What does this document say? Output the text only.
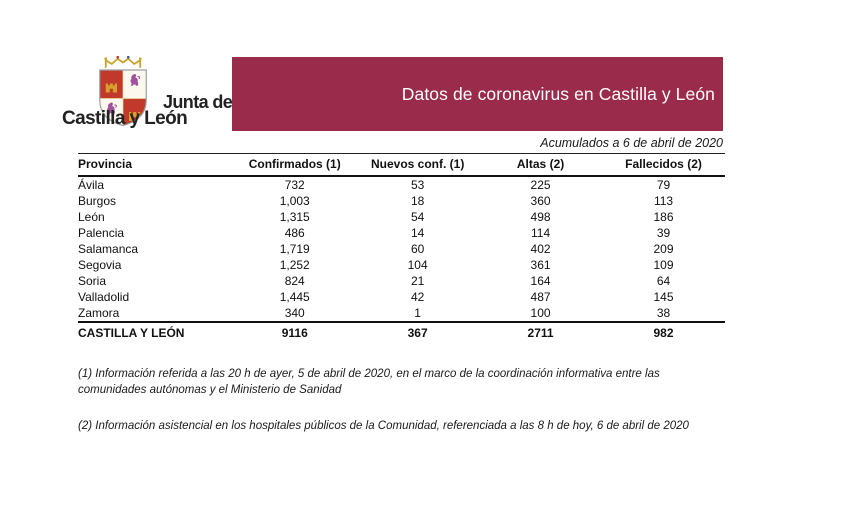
Junta de
Castilla y León
Datos de coronavirus en Castilla y León
Acumulados a 6 de abril de 2020
Provincia	Confirmados (1)	Nuevos conf. (1)	Altas (2)	Fallecidos (2)
Ávila	732	53	225	79
Burgos	1,003	18	360	113
León	1,315	54	498	186
Palencia	486	14	114	39
Salamanca	1,719	60	402	209
Segovia	1,252	104	361	109
Soria	824	21	164	64
Valladolid	1,445	42	487	145
Zamora	340	1	100	38
CASTILLA Y LEÓN	9116	367	2711	982
(1) Información referida a las 20 h de ayer, 5 de abril de 2020, en el marco de la coordinación informativa entre las comunidades autónomas y el Ministerio de Sanidad
(2) Información asistencial en los hospitales públicos de la Comunidad, referenciada a las 8 h de hoy, 6 de abril de 2020
